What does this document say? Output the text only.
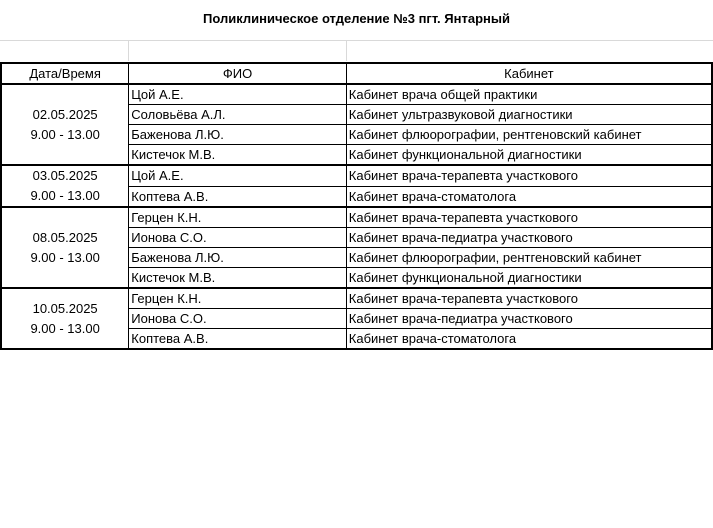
Поликлиническое отделение №3 пгт. Янтарный
Дата/Время	ФИО	Кабинет

02.05.2025
9.00 - 13.00	Цой А.Е.	Кабинет врача общей практики
	Соловьёва А.Л.	Кабинет ультразвуковой диагностики
	Баженова Л.Ю.	Кабинет флюорографии, рентгеновский кабинет
	Кистечок М.В.	Кабинет функциональной диагностики

03.05.2025
9.00 - 13.00	Цой А.Е.	Кабинет врача-терапевта участкового
	Коптева А.В.	Кабинет врача-стоматолога

08.05.2025
9.00 - 13.00	Герцен К.Н.	Кабинет врача-терапевта участкового
	Ионова С.О.	Кабинет врача-педиатра участкового
	Баженова Л.Ю.	Кабинет флюорографии, рентгеновский кабинет
	Кистечок М.В.	Кабинет функциональной диагностики

10.05.2025
9.00 - 13.00	Герцен К.Н.	Кабинет врача-терапевта участкового
	Ионова С.О.	Кабинет врача-педиатра участкового
	Коптева А.В.	Кабинет врача-стоматолога
